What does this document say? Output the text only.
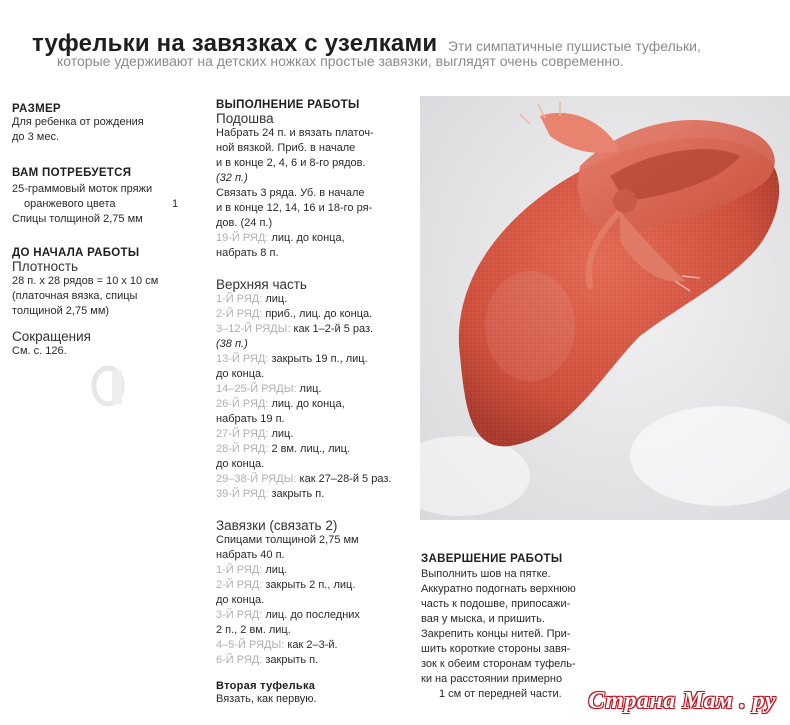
туфельки на завязках с узелками Эти симпатичные пушистые туфельки,
которые удерживают на детских ножках простые завязки, выглядят очень современно.
РАЗМЕР

Для ребенка от рождения

до 3 мес.

ВАМ ПОТРЕБУЕТСЯ

25-граммовый моток пряжи

оранжевого цвета	1

Спицы толщиной 2,75 мм

ДО НАЧАЛА РАБОТЫ
Плотность

28 п. х 28 рядов = 10 х 10 см

(платочная вязка, спицы

толщиной 2,75 мм)

Сокращения
См. с. 126.
ВЫПОЛНЕНИЕ РАБОТЫ
Подошва

Набрать 24 п. и вязать платоч-

ной вязкой. Приб. в начале

и в конце 2, 4, 6 и 8-го рядов.

(32 п.)

Связать 3 ряда. Уб. в начале

и в конце 12, 14, 16 и 18-го ря-

дов. (24 п.)

19-Й РЯД: лиц. до конца,

набрать 8 п.

Верхняя часть

1-Й РЯД: лиц.

2-Й РЯД: приб., лиц. до конца.

3–12-Й РЯДЫ: как 1–2-й 5 раз.

(38 п.)

13-Й РЯД: закрыть 19 п., лиц.

до конца.

14–25-Й РЯДЫ: лиц.

26-Й РЯД: лиц. до конца,

набрать 19 п.

27-Й РЯД: лиц.

28-Й РЯД: 2 вм. лиц., лиц.

до конца.

29–38-Й РЯДЫ: как 27–28-й 5 раз.

39-Й РЯД: закрыть п.

Завязки (связать 2)

Спицами толщиной 2,75 мм

набрать 40 п.

1-Й РЯД: лиц.

2-Й РЯД: закрыть 2 п., лиц.

до конца.

3-Й РЯД: лиц. до последних

2 п., 2 вм. лиц.

4–5-Й РЯДЫ: как 2–3-й.

6-Й РЯД: закрыть п.

Вторая туфелька
Вязать, как первую.
ЗАВЕРШЕНИЕ РАБОТЫ

Выполнить шов на пятке.

Аккуратно подогнать верхнюю

часть к подошве, припосажи-

вая у мыска, и пришить.

Закрепить концы нитей. При-

шить короткие стороны завя-

зок к обеим сторонам туфель-

ки на расстоянии примерно

1 см от передней части.	Страна Мам . ру
